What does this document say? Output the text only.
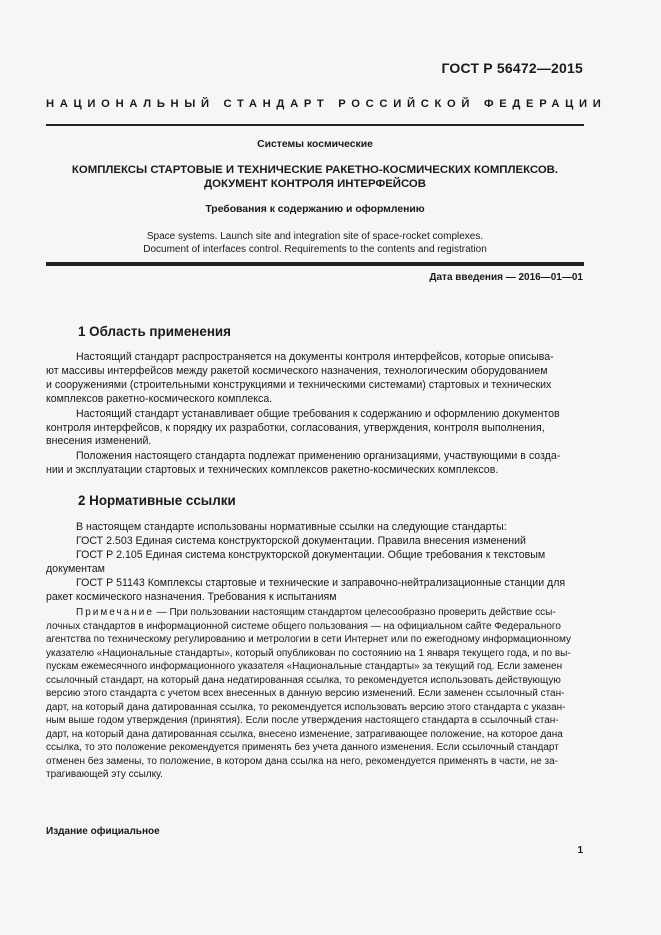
ГОСТ Р 56472—2015
НАЦИОНАЛЬНЫЙ СТАНДАРТ РОССИЙСКОЙ ФЕДЕРАЦИИ
Системы космические
КОМПЛЕКСЫ СТАРТОВЫЕ И ТЕХНИЧЕСКИЕ РАКЕТНО-КОСМИЧЕСКИХ КОМПЛЕКСОВ.
ДОКУМЕНТ КОНТРОЛЯ ИНТЕРФЕЙСОВ
Требования к содержанию и оформлению
Space systems. Launch site and integration site of space-rocket complexes.
Document of interfaces control. Requirements to the contents and registration
Дата введения — 2016—01—01
1 Область применения
Настоящий стандарт распространяется на документы контроля интерфейсов, которые описыва-
ют массивы интерфейсов между ракетой космического назначения, технологическим оборудованием
и сооружениями (строительными конструкциями и техническими системами) стартовых и технических
комплексов ракетно-космического комплекса.
Настоящий стандарт устанавливает общие требования к содержанию и оформлению документов
контроля интерфейсов, к порядку их разработки, согласования, утверждения, контроля выполнения,
внесения изменений.
Положения настоящего стандарта подлежат применению организациями, участвующими в созда-
нии и эксплуатации стартовых и технических комплексов ракетно-космических комплексов.
2 Нормативные ссылки
В настоящем стандарте использованы нормативные ссылки на следующие стандарты:
ГОСТ 2.503 Единая система конструкторской документации. Правила внесения изменений
ГОСТ Р 2.105 Единая система конструкторской документации. Общие требования к текстовым
документам
ГОСТ Р 51143 Комплексы стартовые и технические и заправочно-нейтрализационные станции для
ракет космического назначения. Требования к испытаниям
Примечание — При пользовании настоящим стандартом целесообразно проверить действие ссы-
лочных стандартов в информационной системе общего пользования — на официальном сайте Федерального
агентства по техническому регулированию и метрологии в сети Интернет или по ежегодному информационному
указателю «Национальные стандарты», который опубликован по состоянию на 1 января текущего года, и по вы-
пускам ежемесячного информационного указателя «Национальные стандарты» за текущий год. Если заменен
ссылочный стандарт, на который дана недатированная ссылка, то рекомендуется использовать действующую
версию этого стандарта с учетом всех внесенных в данную версию изменений. Если заменен ссылочный стан-
дарт, на который дана датированная ссылка, то рекомендуется использовать версию этого стандарта с указан-
ным выше годом утверждения (принятия). Если после утверждения настоящего стандарта в ссылочный стан-
дарт, на который дана датированная ссылка, внесено изменение, затрагивающее положение, на которое дана
ссылка, то это положение рекомендуется применять без учета данного изменения. Если ссылочный стандарт
отменен без замены, то положение, в котором дана ссылка на него, рекомендуется применять в части, не за-
трагивающей эту ссылку.
Издание официальное
1
